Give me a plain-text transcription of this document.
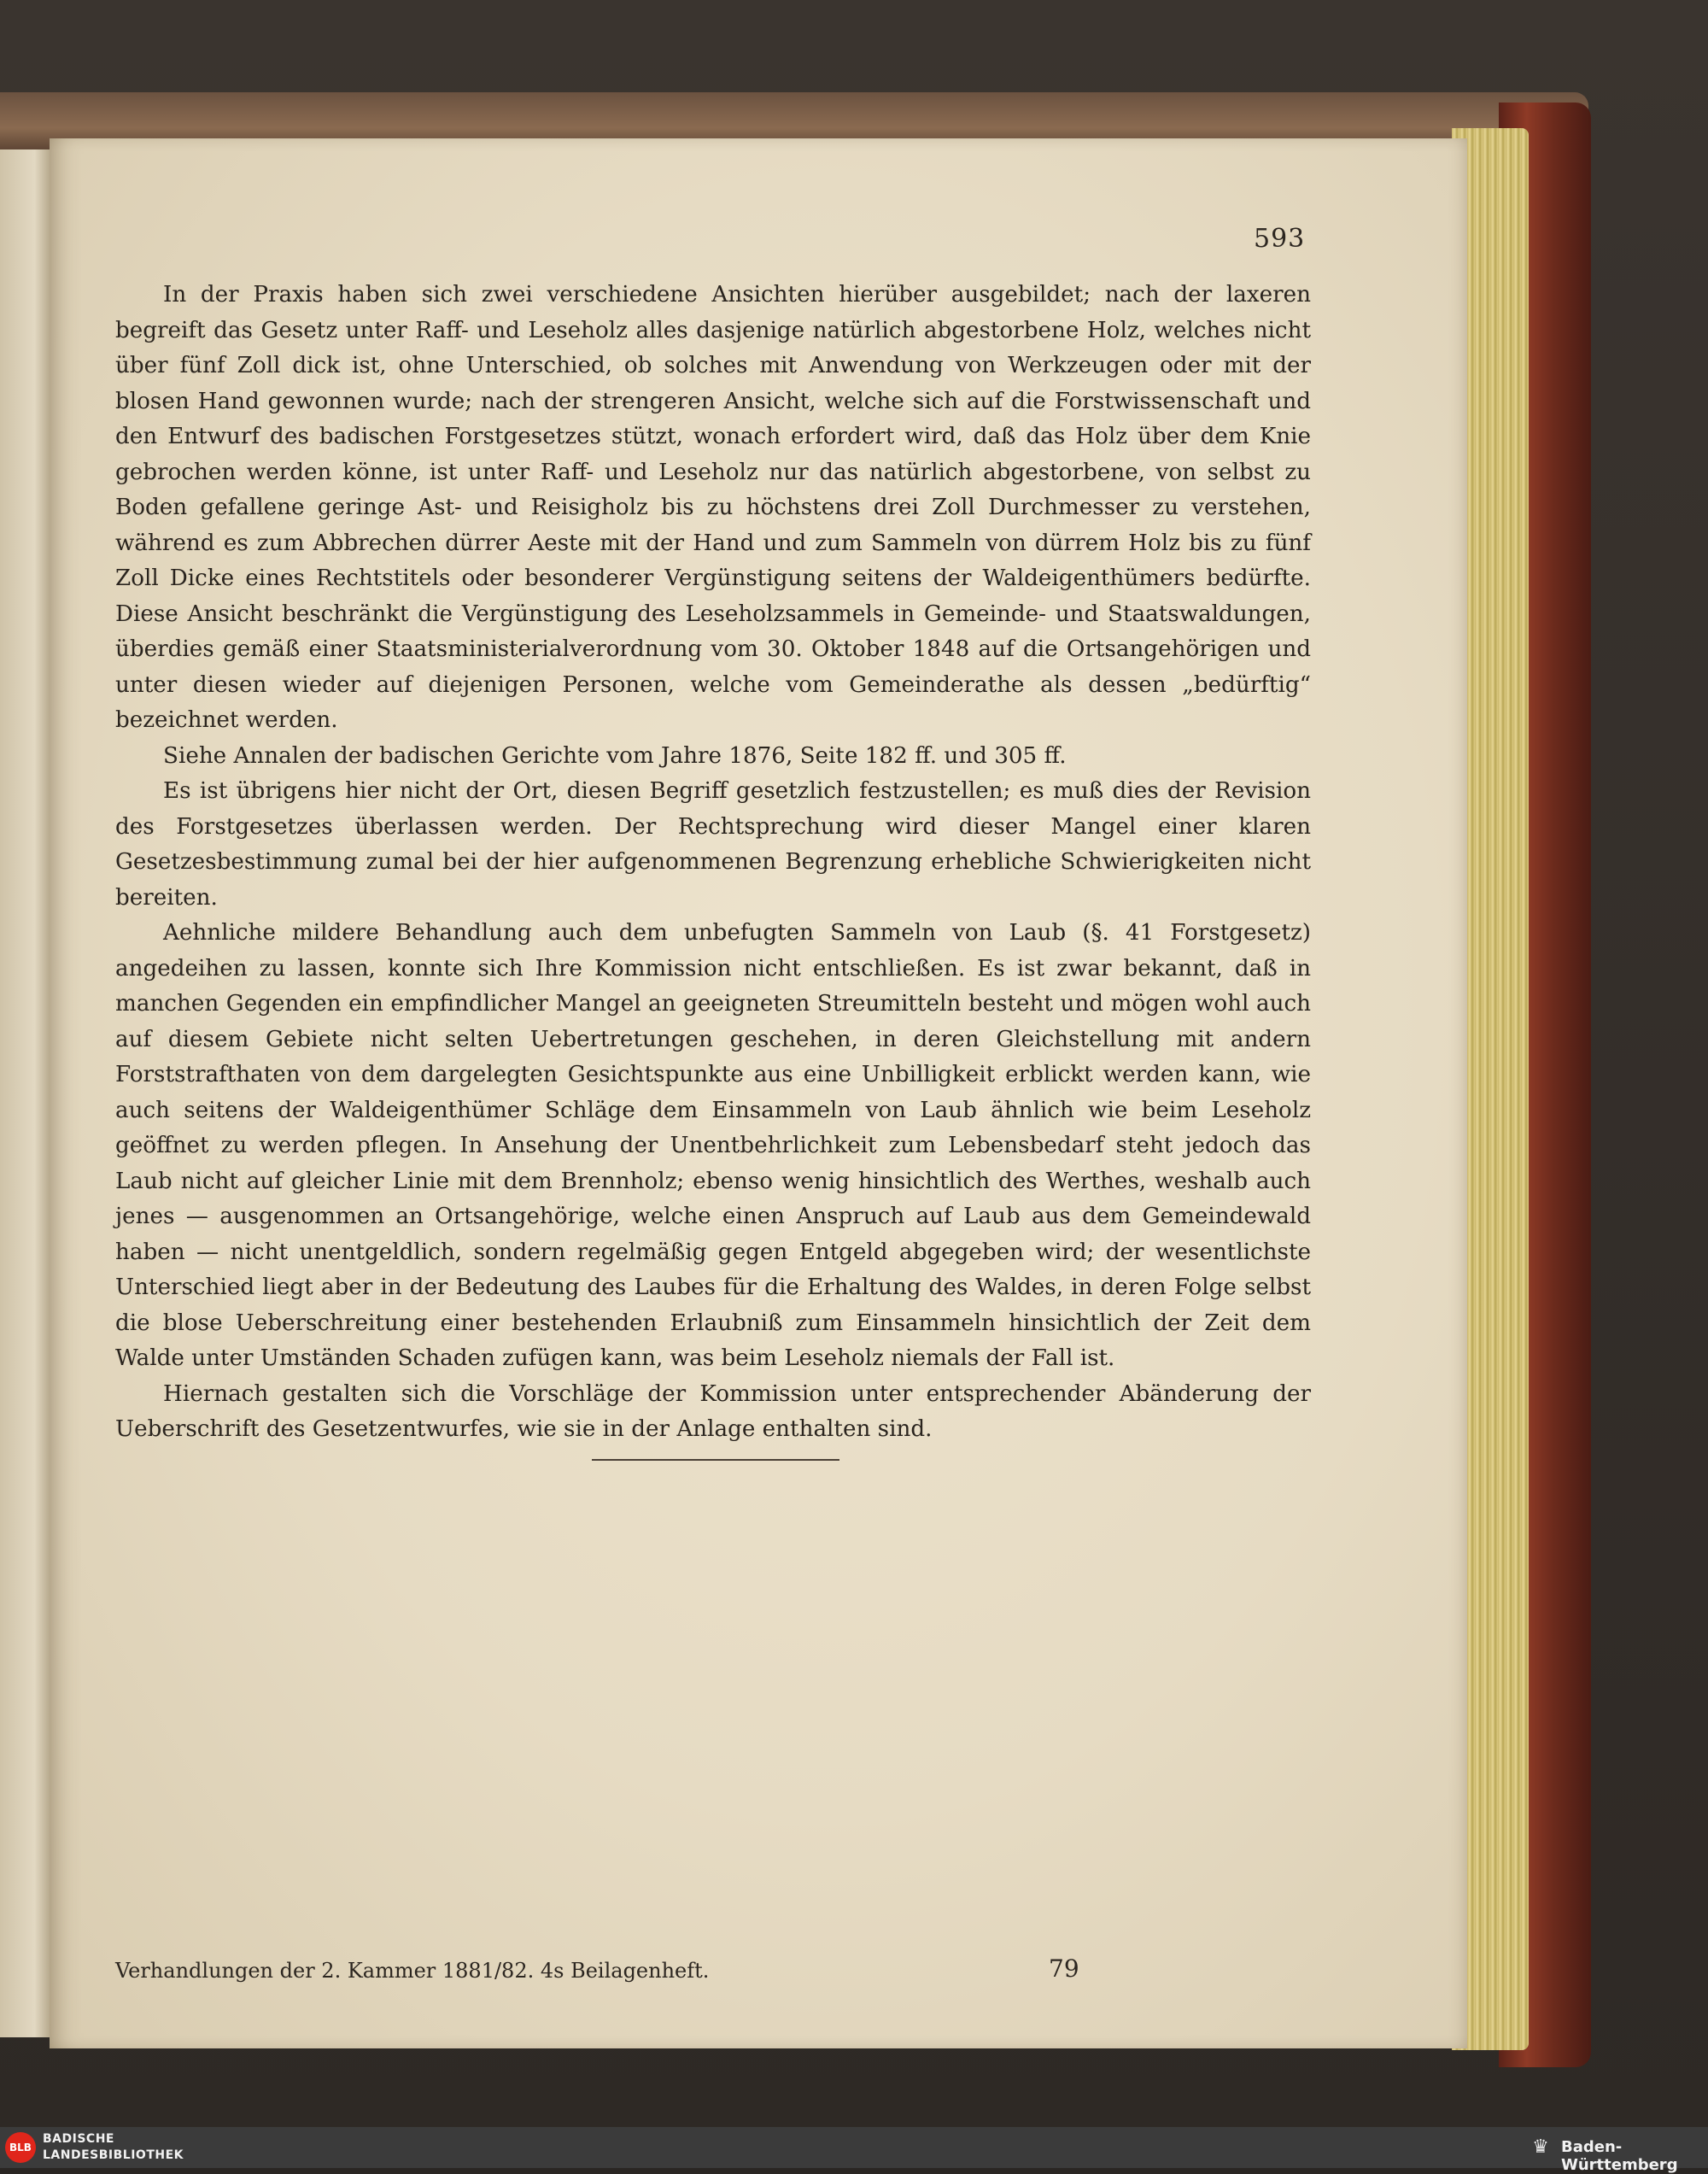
593

In der Praxis haben sich zwei verschiedene Ansichten hierüber ausgebildet; nach der laxeren begreift das Gesetz unter Raff- und Leseholz alles dasjenige natürlich abgestorbene Holz, welches nicht über fünf Zoll dick ist, ohne Unterschied, ob solches mit Anwendung von Werkzeugen oder mit der blosen Hand gewonnen wurde; nach der strengeren Ansicht, welche sich auf die Forstwissenschaft und den Entwurf des badischen Forstgesetzes stützt, wonach erfordert wird, daß das Holz über dem Knie gebrochen werden könne, ist unter Raff- und Leseholz nur das natürlich abgestorbene, von selbst zu Boden gefallene geringe Ast- und Reisigholz bis zu höchstens drei Zoll Durchmesser zu verstehen, während es zum Abbrechen dürrer Aeste mit der Hand und zum Sammeln von dürrem Holz bis zu fünf Zoll Dicke eines Rechtstitels oder besonderer Vergünstigung seitens der Waldeigenthümers bedürfte. Diese Ansicht beschränkt die Vergünstigung des Leseholzsammels in Gemeinde- und Staatswaldungen, überdies gemäß einer Staatsministerialverordnung vom 30. Oktober 1848 auf die Ortsangehörigen und unter diesen wieder auf diejenigen Personen, welche vom Gemeinderathe als dessen „bedürftig“ bezeichnet werden.

Siehe Annalen der badischen Gerichte vom Jahre 1876, Seite 182 ff. und 305 ff.

Es ist übrigens hier nicht der Ort, diesen Begriff gesetzlich festzustellen; es muß dies der Revision des Forstgesetzes überlassen werden. Der Rechtsprechung wird dieser Mangel einer klaren Gesetzesbestimmung zumal bei der hier aufgenommenen Begrenzung erhebliche Schwierigkeiten nicht bereiten.

Aehnliche mildere Behandlung auch dem unbefugten Sammeln von Laub (§. 41 Forstgesetz) angedeihen zu lassen, konnte sich Ihre Kommission nicht entschließen. Es ist zwar bekannt, daß in manchen Gegenden ein empfindlicher Mangel an geeigneten Streumitteln besteht und mögen wohl auch auf diesem Gebiete nicht selten Uebertretungen geschehen, in deren Gleichstellung mit andern Forststrafthaten von dem dargelegten Gesichtspunkte aus eine Unbilligkeit erblickt werden kann, wie auch seitens der Waldeigenthümer Schläge dem Einsammeln von Laub ähnlich wie beim Leseholz geöffnet zu werden pflegen. In Ansehung der Unentbehrlichkeit zum Lebensbedarf steht jedoch das Laub nicht auf gleicher Linie mit dem Brennholz; ebenso wenig hinsichtlich des Werthes, weshalb auch jenes — ausgenommen an Ortsangehörige, welche einen Anspruch auf Laub aus dem Gemeindewald haben — nicht unentgeldlich, sondern regelmäßig gegen Entgeld abgegeben wird; der wesentlichste Unterschied liegt aber in der Bedeutung des Laubes für die Erhaltung des Waldes, in deren Folge selbst die blose Ueberschreitung einer bestehenden Erlaubniß zum Einsammeln hinsichtlich der Zeit dem Walde unter Umständen Schaden zufügen kann, was beim Leseholz niemals der Fall ist.

Hiernach gestalten sich die Vorschläge der Kommission unter entsprechender Abänderung der Ueberschrift des Gesetzentwurfes, wie sie in der Anlage enthalten sind.

Verhandlungen der 2. Kammer 1881/82. 4s Beilagenheft.	79
BLB
BADISCHE
LANDESBIBLIOTHEK	♛ Baden-Württemberg
